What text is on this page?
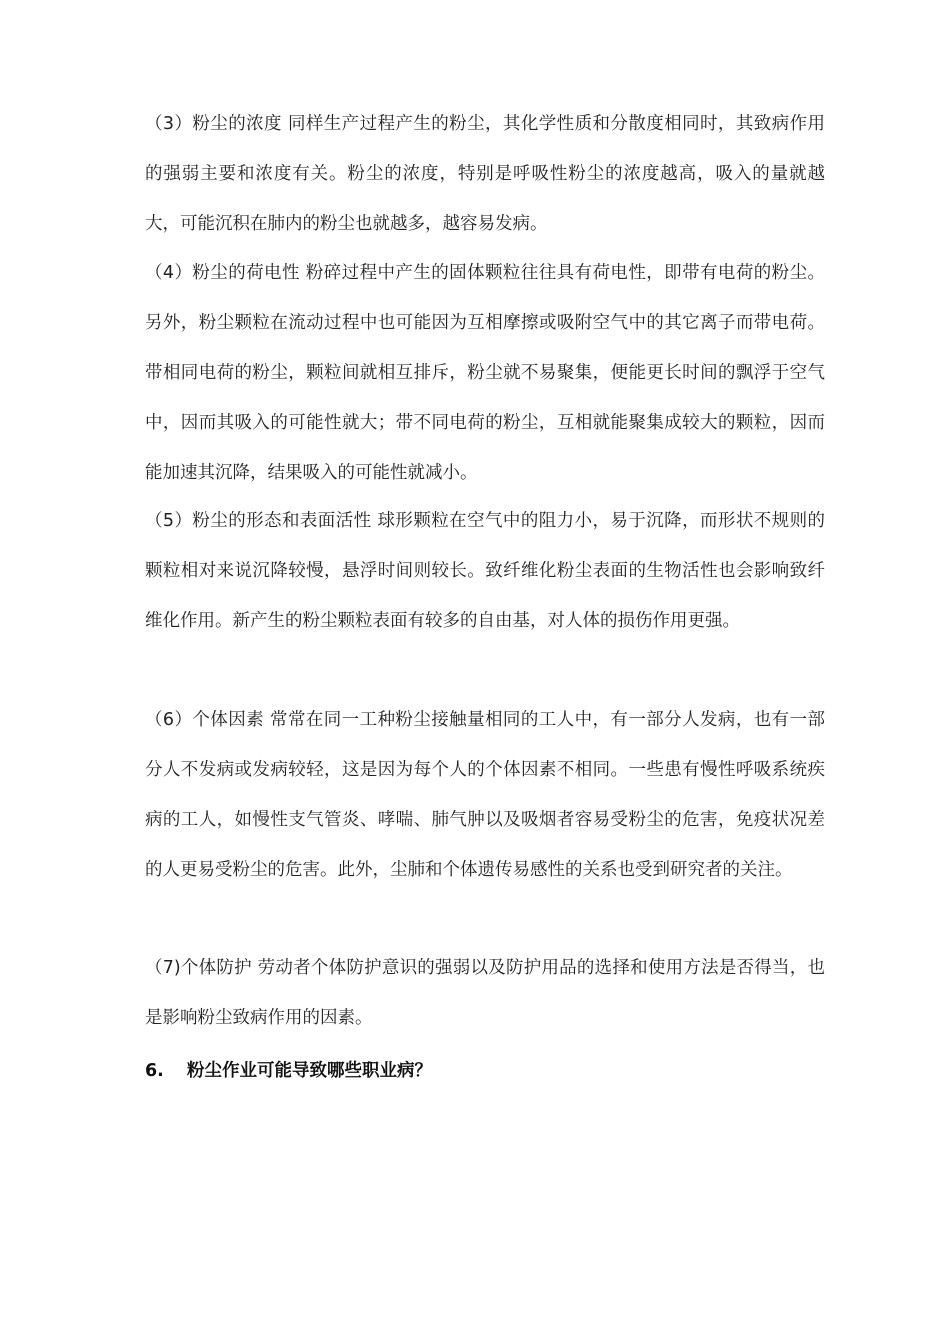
（3）粉尘的浓度 同样生产过程产生的粉尘，其化学性质和分散度相同时，其致病作用的强弱主要和浓度有关。粉尘的浓度，特别是呼吸性粉尘的浓度越高，吸入的量就越大，可能沉积在肺内的粉尘也就越多，越容易发病。

（4）粉尘的荷电性 粉碎过程中产生的固体颗粒往往具有荷电性，即带有电荷的粉尘。另外，粉尘颗粒在流动过程中也可能因为互相摩擦或吸附空气中的其它离子而带电荷。带相同电荷的粉尘，颗粒间就相互排斥，粉尘就不易聚集，便能更长时间的飘浮于空气中，因而其吸入的可能性就大；带不同电荷的粉尘，互相就能聚集成较大的颗粒，因而能加速其沉降，结果吸入的可能性就减小。

（5）粉尘的形态和表面活性 球形颗粒在空气中的阻力小，易于沉降，而形状不规则的颗粒相对来说沉降较慢，悬浮时间则较长。致纤维化粉尘表面的生物活性也会影响致纤维化作用。新产生的粉尘颗粒表面有较多的自由基，对人体的损伤作用更强。

（6）个体因素 常常在同一工种粉尘接触量相同的工人中，有一部分人发病，也有一部分人不发病或发病较轻，这是因为每个人的个体因素不相同。一些患有慢性呼吸系统疾病的工人，如慢性支气管炎、哮喘、肺气肿以及吸烟者容易受粉尘的危害，免疫状况差的人更易受粉尘的危害。此外，尘肺和个体遗传易感性的关系也受到研究者的关注。

（7)个体防护 劳动者个体防护意识的强弱以及防护用品的选择和使用方法是否得当，也是影响粉尘致病作用的因素。

6. 粉尘作业可能导致哪些职业病？
